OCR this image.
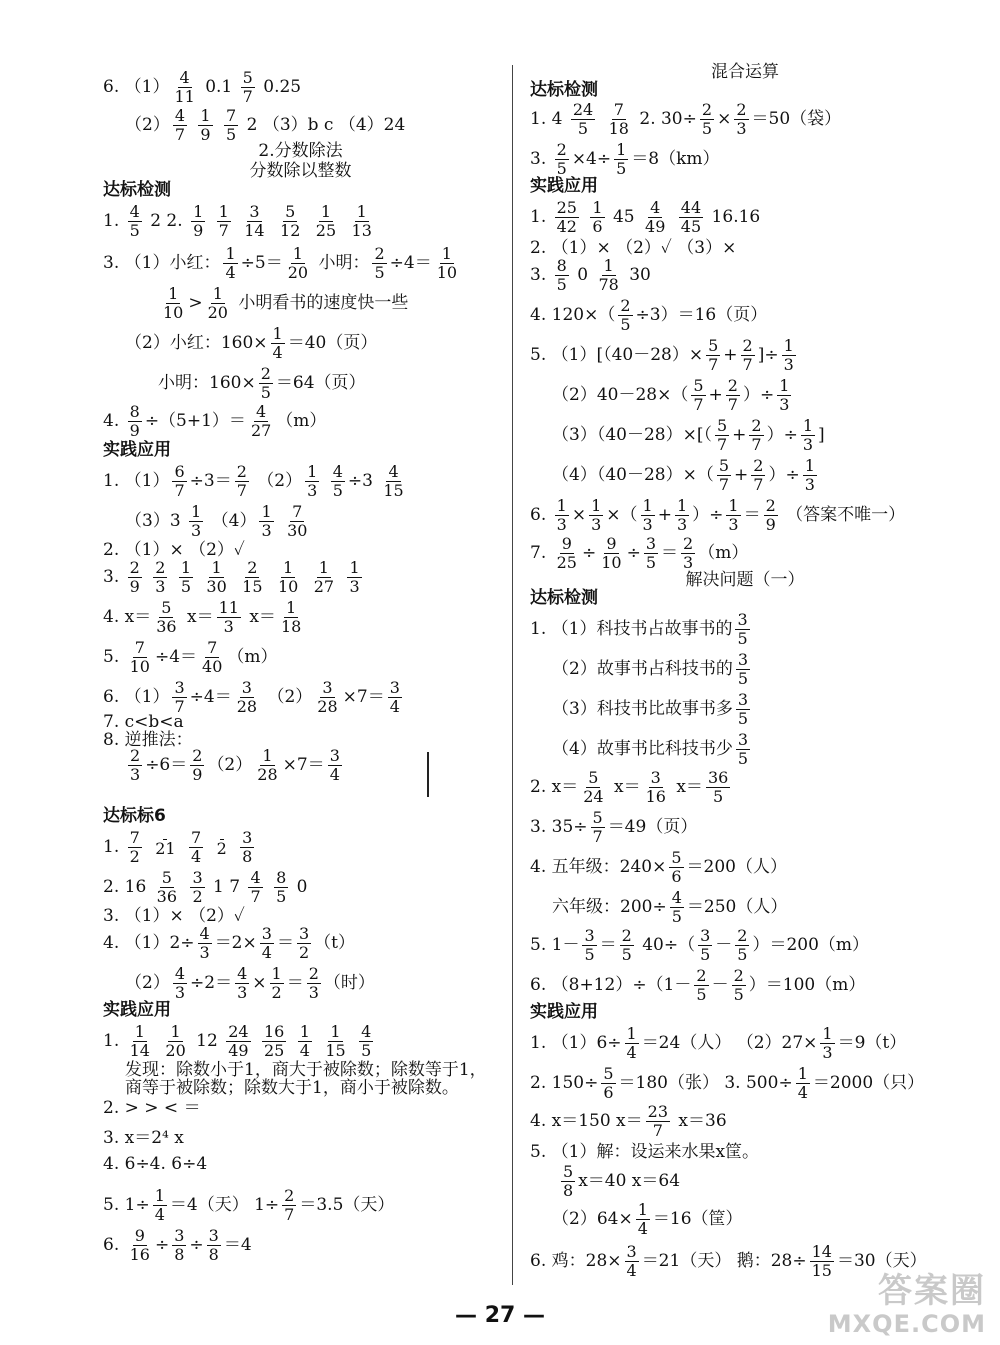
6. $(1) \frac{4}{11} 0.1 \frac{5}{7} 0.25$
$(2) \frac{4}{7}$
$\frac{1}{9}$
$\frac{7}{5} 2$ （3）b c （4）24
2.分数除法
分数除以整数
达标检测
1. $\frac{4}{5} 2$ 2. $\frac{1}{9}$
$\frac{1}{7}$
$\frac{3}{14}$
$\frac{5}{12}$
$\frac{1}{25}$
$\frac{1}{13}$
3. （1）小红： $\frac{1}{4} \div 5= \frac{1}{20}$ 小明： $\frac{2}{5} \div 4= \frac{1}{10}$
$\frac{1}{10} > \frac{1}{20}$ 小明看书的速度快一些
（2）小红：$160\times \frac{1}{4} =40$（页）
小明：$160\times \frac{2}{5} =64$（页）
4. $\frac{8}{9} \div(5+1)= \frac{4}{27} (m)$
实践应用
1. $(1) \frac{6}{7} \div 3= \frac{2}{7} (2) \frac{1}{3}$
$\frac{4}{5} \div 3 \frac{4}{15}$
$(3)3 \frac{1}{3} (4) \frac{1}{3}$
$\frac{7}{30}$
2. （1）× （2）✓
3. $\frac{2}{9}$
$\frac{2}{3}$
$\frac{1}{5}$
$\frac{1}{30}$
$\frac{2}{15}$
$\frac{1}{10}$
$\frac{1}{27}$
$\frac{1}{3}$
4. $x= \frac{5}{36} x= \frac{11}{3} x= \frac{1}{18}$
5. $\frac{7}{10} \div 4= \frac{7}{40} (m)$
6. $(1) \frac{3}{7} \div 4= \frac{3}{28} (2) \frac{3}{28} \times 7= \frac{3}{4}$
7. c<b<a
8. 逆推法：
$\frac{2}{3} \div 6= \frac{2}{9} (2) \frac{1}{28} \times 7= \frac{3}{4}$
达标标6
1. $\frac{7}{2}$
21
$\frac{7}{4}$
2
$\frac{3}{8}$
2. $16 \frac{5}{36}$
$\frac{3}{2} 1$ $7 \frac{4}{7}$
$\frac{8}{5} 0$
3. （1）× （2）✓
4. $(1)2\div \frac{4}{3} =2\times \frac{3}{4} = \frac{3}{2} (t)$
$(2) \frac{4}{3} \div 2= \frac{4}{3} \times \frac{1}{2} = \frac{2}{3}$ （时）
实践应用
1. $\frac{1}{14}$
$\frac{1}{20} 12 \frac{24}{49}$
$\frac{16}{25}$
$\frac{1}{4}$
$\frac{1}{15}$
$\frac{4}{5}$
发现：除数小于1，商大于被除数；除数等于1，
商等于被除数；除数大于1，商小于被除数。
2. > > < ＝
3. x＝2⁴ x
4. 6÷4. 6÷4
5. $1\div \frac{1}{4} =4$（天） $1\div \frac{2}{7} =3.5$（天）
6. $\frac{9}{16} \div \frac{3}{8} \div \frac{3}{8} =4$
混合运算
达标检测
1. $4 \frac{24}{5}$
$\frac{7}{18} 2$. $30\div \frac{2}{5} \times \frac{2}{3} =50$（袋）
3. $\frac{2}{5} \times 4\div \frac{1}{5} =8(km)$
实践应用
1. $\frac{25}{42}$
$\frac{1}{6} 45 \frac{4}{49}$
$\frac{44}{45} 16.16$
2. （1）× （2）✓ （3）×
3. $\frac{8}{5} 0 \frac{1}{78} 30$
4. $120\times( \frac{2}{5} \div 3)=16$（页）
5. $(1)[(40-28)\times \frac{5}{7} + \frac{2}{7}$ ]÷ $\frac{1}{3}$
$(2)40-28\times( \frac{5}{7} + \frac{2}{7}$ ）÷ $\frac{1}{3}$
$(3)(40-28)\times[( \frac{5}{7} + \frac{2}{7}$ ）÷ $\frac{1}{3}$ ]
$(4)(40-28)\times( \frac{5}{7} + \frac{2}{7}$ ）÷ $\frac{1}{3}$
6. $\frac{1}{3} \times \frac{1}{3}$ ×（ $\frac{1}{3} + \frac{1}{3}$ ）÷ $\frac{1}{3} = \frac{2}{9}$ （答案不唯一）
7. $\frac{9}{25} \div \frac{9}{10} \div \frac{3}{5} = \frac{2}{3} (m)$
解决问题（一）
达标检测
1. （1）科技书占故事书的 $\frac{3}{5}$
（2）故事书占科技书的 $\frac{3}{5}$
（3）科技书比故事书多 $\frac{3}{5}$
（4）故事书比科技书少 $\frac{3}{5}$
2. $x= \frac{5}{24} x= \frac{3}{16} x= \frac{36}{5}$
3. $35\div \frac{5}{7} =49$（页）
4. 五年级：$240\times \frac{5}{6} =200$（人）
六年级：$200\div \frac{4}{5} =250$（人）
5. $1- \frac{3}{5} = \frac{2}{5} 40\div( \frac{3}{5} - \frac{2}{5} )=200(m)$
6. $(8+12)\div(1- \frac{2}{5} - \frac{2}{5} )=100(m)$
实践应用
1. $(1)6\div \frac{1}{4} =24$（人） $(2)27\times \frac{1}{3} =9(t)$
2. $150\div \frac{5}{6} =180$（张） 3. $500\div \frac{1}{4} =2000$（只）
4. x＝150 $x= \frac{23}{7} x=36$
5. （1）解：设运来水果x筐。
$\frac{5}{8} x=40$ x＝64
$(2)64\times \frac{1}{4} =16$（筐）
6. 鸡：$28\times \frac{3}{4} =21$（天） 鹅：$28\div \frac{14}{15} =30$（天）
— 27 —
答案圈
MXQE.COM
